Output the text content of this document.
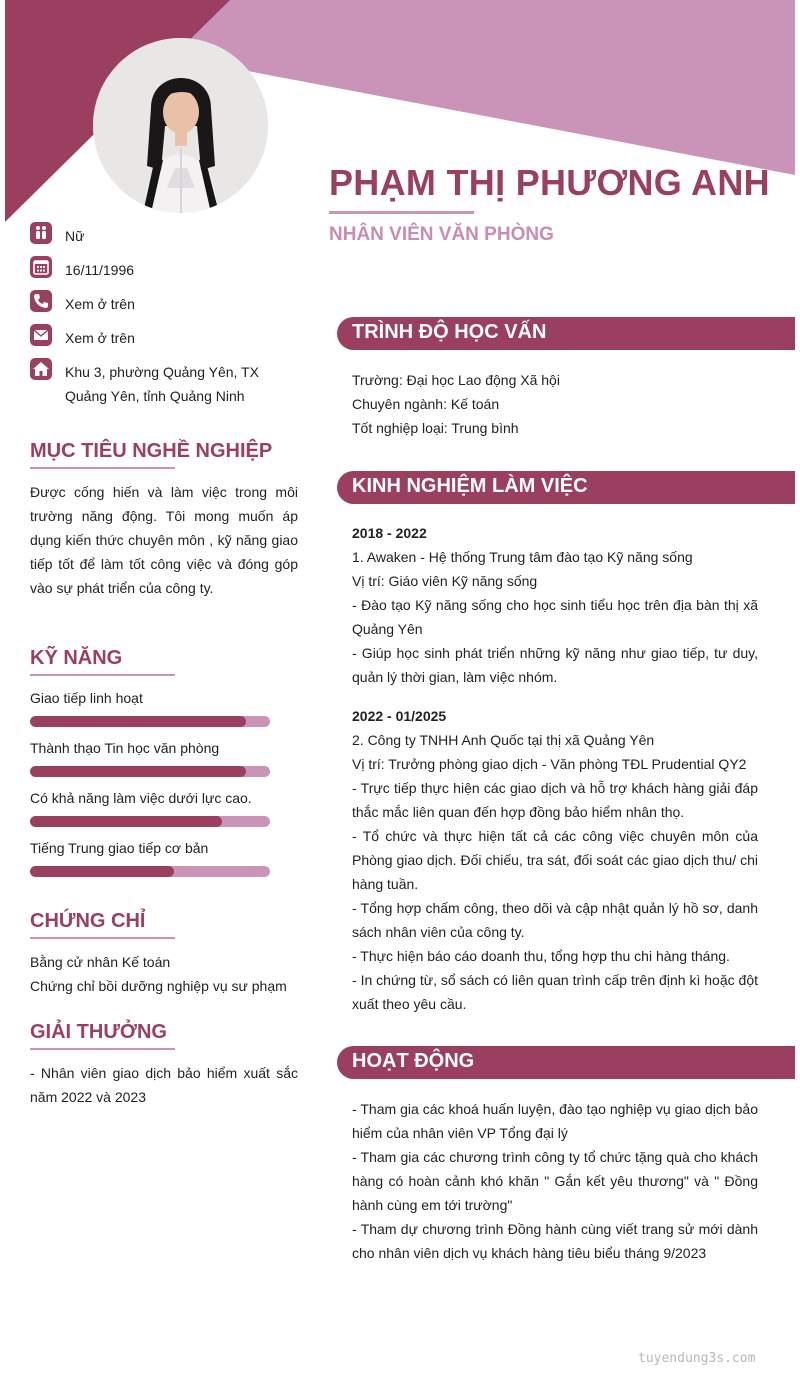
PHẠM THỊ PHƯƠNG ANH
NHÂN VIÊN VĂN PHÒNG
Nữ
16/11/1996
Xem ở trên
Xem ở trên
Khu 3, phường Quảng Yên, TX Quảng Yên, tỉnh Quảng Ninh
MỤC TIÊU NGHỀ NGHIỆP
Được cống hiến và làm việc trong môi trường năng động. Tôi mong muốn áp dụng kiến thức chuyên môn , kỹ năng giao tiếp tốt để làm tốt công việc và đóng góp vào sự phát triển của công ty.
KỸ NĂNG
Giao tiếp linh hoạt
Thành thạo Tin học văn phòng
Có khả năng làm việc dưới lực cao.
Tiếng Trung giao tiếp cơ bản
CHỨNG CHỈ
Bằng cử nhân Kế toán
Chứng chỉ bồi dưỡng nghiệp vụ sư phạm
GIẢI THƯỞNG
- Nhân viên giao dịch bảo hiểm xuất sắc năm 2022 và 2023
TRÌNH ĐỘ HỌC VẤN

Trường: Đại học Lao động Xã hội

Chuyên ngành: Kế toán

Tốt nghiệp loại: Trung bình

KINH NGHIỆM LÀM VIỆC

2018 - 2022

1. Awaken - Hệ thống Trung tâm đào tạo Kỹ năng sống

Vị trí: Giáo viên Kỹ năng sống

- Đào tạo Kỹ năng sống cho học sinh tiểu học trên địa bàn thị xã Quảng Yên

- Giúp học sinh phát triển những kỹ năng như giao tiếp, tư duy, quản lý thời gian, làm việc nhóm.

2022 - 01/2025

2. Công ty TNHH Anh Quốc tại thị xã Quảng Yên

Vị trí: Trưởng phòng giao dịch - Văn phòng TĐL Prudential QY2

- Trực tiếp thực hiện các giao dịch và hỗ trợ khách hàng giải đáp thắc mắc liên quan đến hợp đồng bảo hiểm nhân thọ.

- Tổ chức và thực hiện tất cả các công việc chuyên môn của Phòng giao dịch. Đối chiếu, tra sát, đối soát các giao dịch thu/ chi hàng tuần.

- Tổng hợp chấm công, theo dõi và cập nhật quản lý hồ sơ, danh sách nhân viên của công ty.

- Thực hiện báo cáo doanh thu, tổng hợp thu chi hàng tháng.

- In chứng từ, sổ sách có liên quan trình cấp trên định kì hoặc đột xuất theo yêu cầu.

HOẠT ĐỘNG

- Tham gia các khoá huấn luyện, đào tạo nghiệp vụ giao dịch bảo hiểm của nhân viên VP Tổng đại lý

- Tham gia các chương trình công ty tổ chức tặng quà cho khách hàng có hoàn cảnh khó khăn " Gắn kết yêu thương" và " Đồng hành cùng em tới trường"

- Tham dự chương trình Đồng hành cùng viết trang sử mới dành cho nhân viên dịch vụ khách hàng tiêu biểu tháng 9/2023

tuyendung3s.com
